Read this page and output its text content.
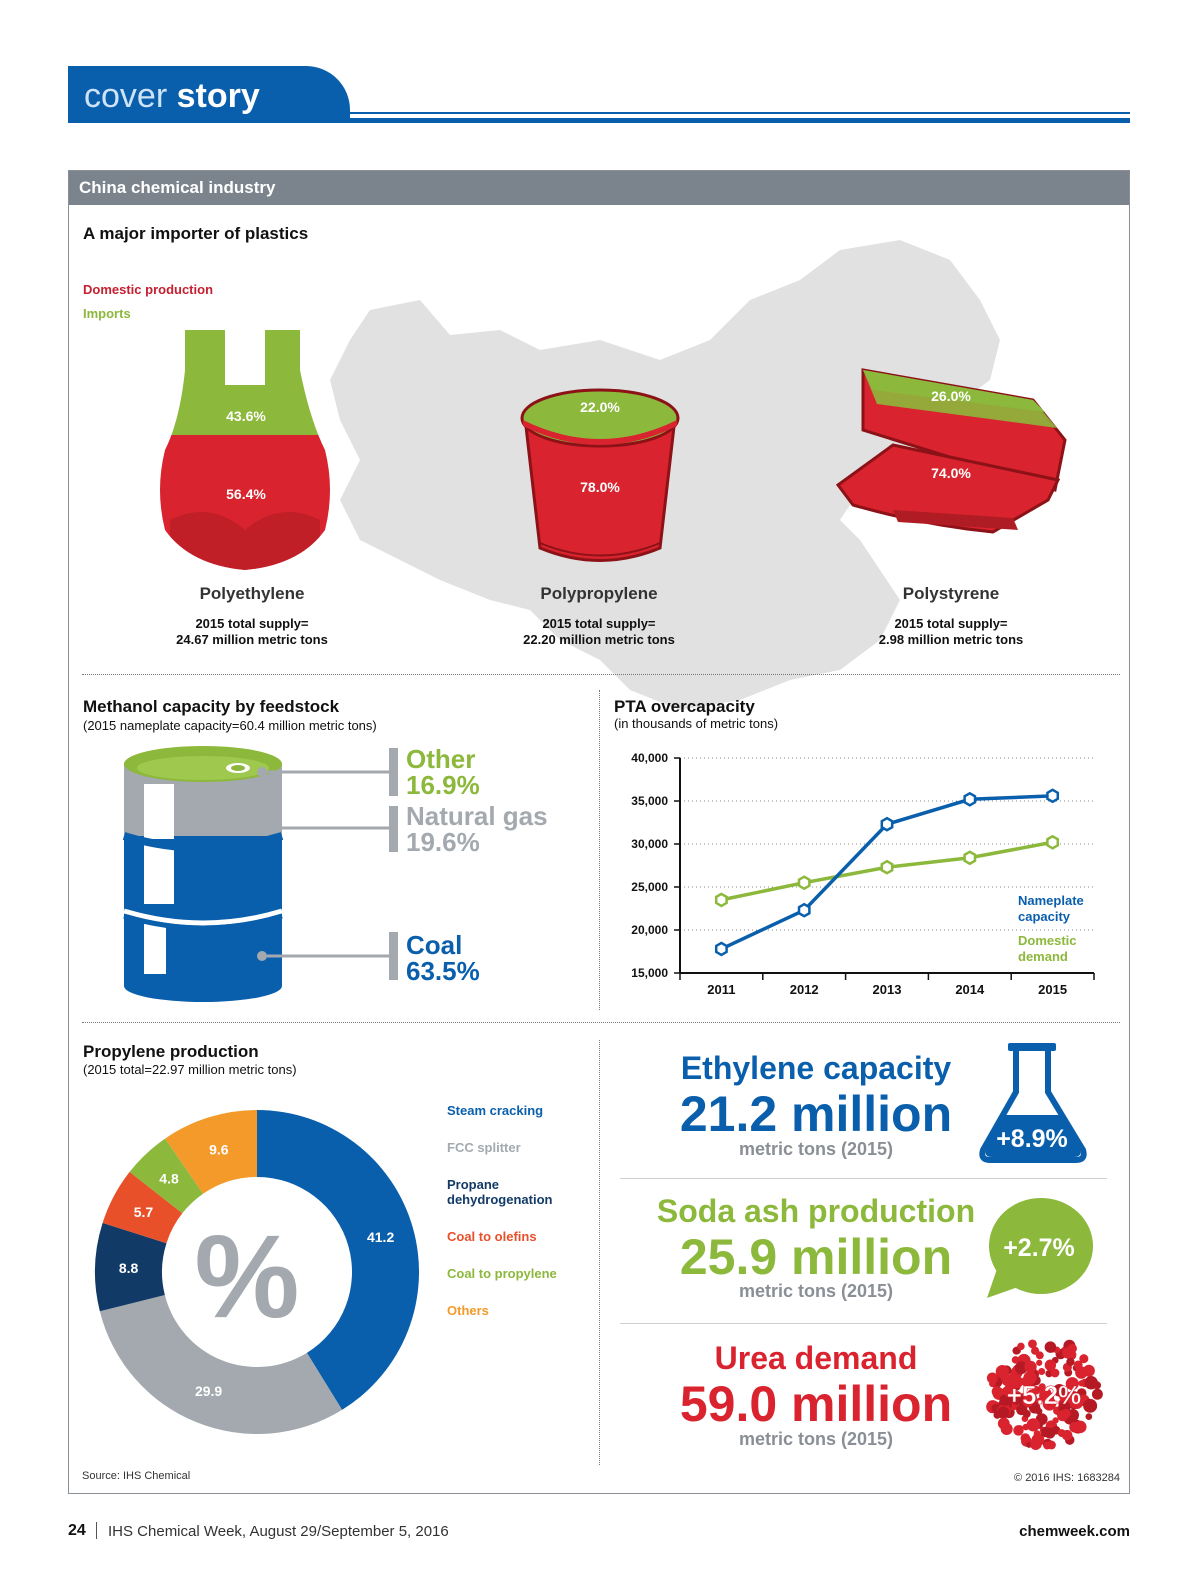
cover story
China chemical industry
A major importer of plastics
Domestic production
Imports
43.6%
56.4%
22.0%
78.0%
26.0%
74.0%
Polyethylene
2015 total supply=
24.67 million metric tons
Polypropylene
2015 total supply=
22.20 million metric tons
Polystyrene
2015 total supply=
2.98 million metric tons
Methanol capacity by feedstock
(2015 nameplate capacity=60.4 million metric tons)
Other
16.9%
Natural gas
19.6%
Coal
63.5%
PTA overcapacity
(in thousands of metric tons)
15,000
20,000
25,000
30,000
35,000
40,000
2011	2012	2013	2014	2015
Nameplate
capacity
Domestic
demand
Propylene production
(2015 total=22.97 million metric tons)
41.2
29.9
8.8
5.7
4.8
9.6
%
Steam cracking
FCC splitter
Propane
dehydrogenation
Coal to olefins
Coal to propylene
Others
Ethylene capacity
21.2 million
metric tons (2015)	+8.9%
Soda ash production
25.9 million
metric tons (2015)
+2.7%
Urea demand
59.0 million
metric tons (2015)
+5.2%
Source: IHS Chemical	© 2016 IHS: 1683284
24 IHS Chemical Week, August 29/September 5, 2016	chemweek.com
